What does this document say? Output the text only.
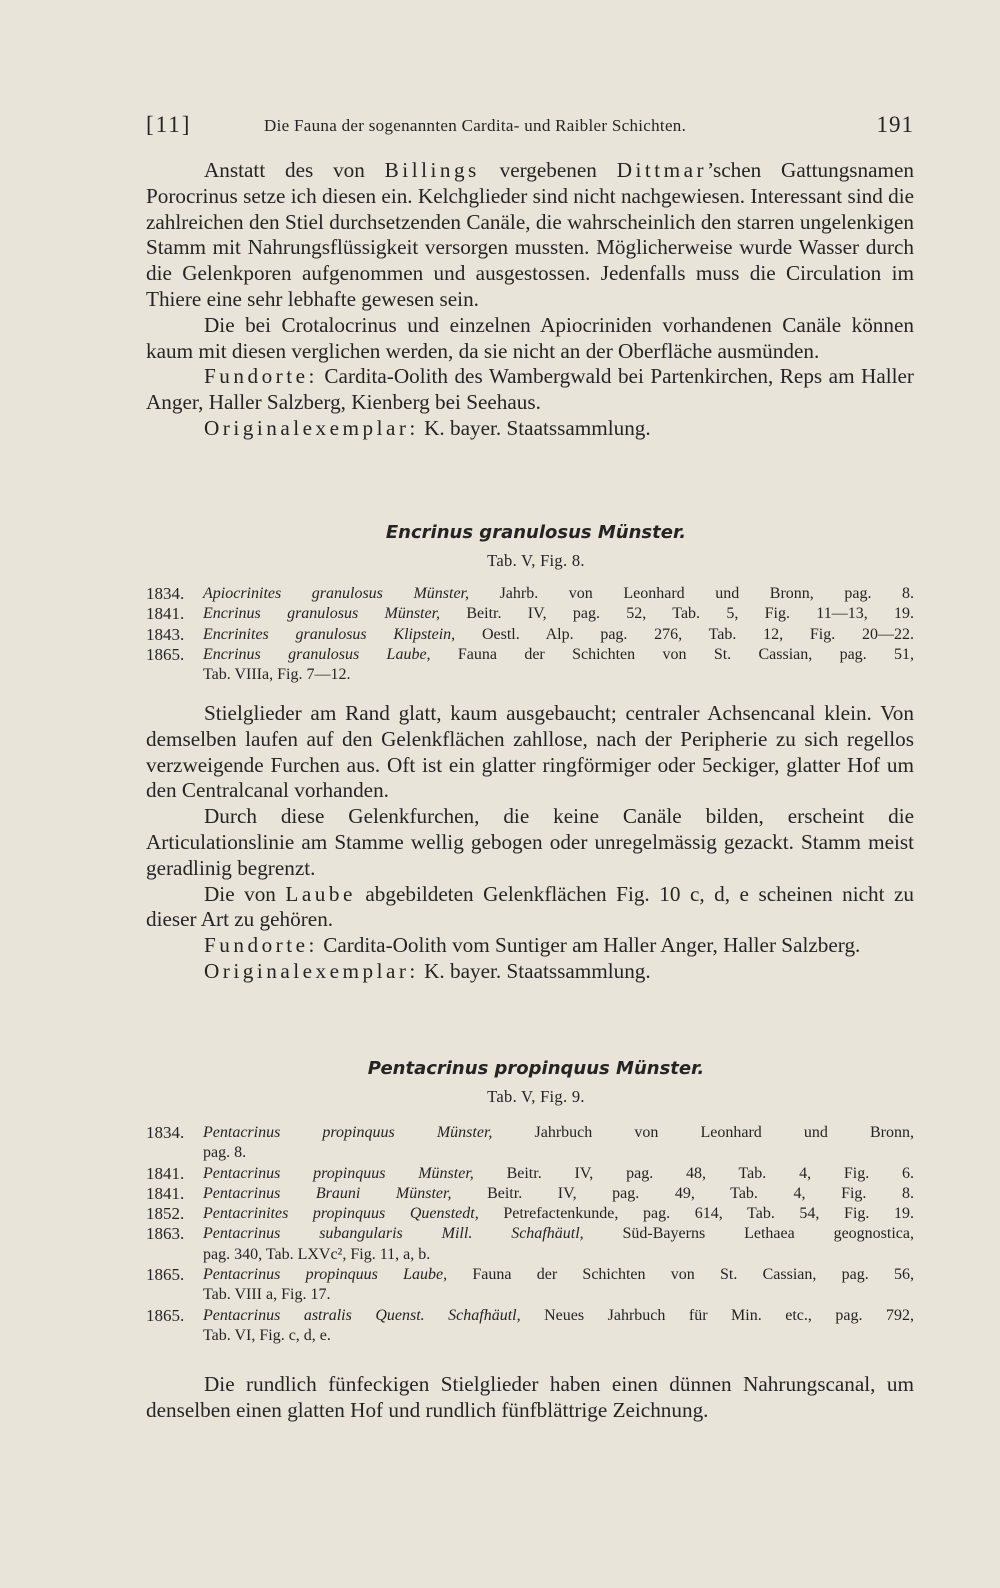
[11]	Die Fauna der sogenannten Cardita- und Raibler Schichten.	191

Anstatt des von Billings vergebenen Dittmar’schen Gattungsnamen Porocrinus setze ich diesen ein. Kelchglieder sind nicht nachgewiesen. Interessant sind die zahlreichen den Stiel durchsetzenden Canäle, die wahrscheinlich den starren ungelenkigen Stamm mit Nahrungsflüssigkeit versorgen mussten. Möglicherweise wurde Wasser durch die Gelenkporen aufgenommen und ausgestossen. Jedenfalls muss die Circulation im Thiere eine sehr lebhafte gewesen sein.

Die bei Crotalocrinus und einzelnen Apiocriniden vorhandenen Canäle können kaum mit diesen verglichen werden, da sie nicht an der Oberfläche ausmünden.

Fundorte: Cardita-Oolith des Wambergwald bei Partenkirchen, Reps am Haller Anger, Haller Salzberg, Kienberg bei Seehaus.

Originalexemplar: K. bayer. Staatssammlung.

Encrinus granulosus Münster.
Tab. V, Fig. 8.
1834.	Apiocrinites granulosus Münster, Jahrb. von Leonhard und Bronn, pag. 8.
1841.	Encrinus granulosus Münster, Beitr. IV, pag. 52, Tab. 5, Fig. 11—13, 19.
1843.	Encrinites granulosus Klipstein, Oestl. Alp. pag. 276, Tab. 12, Fig. 20—22.
1865.	Encrinus granulosus Laube, Fauna der Schichten von St. Cassian, pag. 51,
Tab. VIIIa, Fig. 7—12.

Stielglieder am Rand glatt, kaum ausgebaucht; centraler Achsencanal klein. Von demselben laufen auf den Gelenkflächen zahllose, nach der Peripherie zu sich regellos verzweigende Furchen aus. Oft ist ein glatter ringförmiger oder 5eckiger, glatter Hof um den Centralcanal vorhanden.

Durch diese Gelenkfurchen, die keine Canäle bilden, erscheint die Articulationslinie am Stamme wellig gebogen oder unregelmässig gezackt. Stamm meist geradlinig begrenzt.

Die von Laube abgebildeten Gelenkflächen Fig. 10 c, d, e scheinen nicht zu dieser Art zu gehören.

Fundorte: Cardita-Oolith vom Suntiger am Haller Anger, Haller Salzberg.

Originalexemplar: K. bayer. Staatssammlung.

Pentacrinus propinquus Münster.
Tab. V, Fig. 9.
1834.	Pentacrinus propinquus Münster, Jahrbuch von Leonhard und Bronn,
pag. 8.
1841.	Pentacrinus propinquus Münster, Beitr. IV, pag. 48, Tab. 4, Fig. 6.
1841.	Pentacrinus Brauni Münster, Beitr. IV, pag. 49, Tab. 4, Fig. 8.
1852.	Pentacrinites propinquus Quenstedt, Petrefactenkunde, pag. 614, Tab. 54, Fig. 19.
1863.	Pentacrinus subangularis Mill. Schafhäutl, Süd-Bayerns Lethaea geognostica,
pag. 340, Tab. LXVc², Fig. 11, a, b.
1865.	Pentacrinus propinquus Laube, Fauna der Schichten von St. Cassian, pag. 56,
Tab. VIII a, Fig. 17.
1865.	Pentacrinus astralis Quenst. Schafhäutl, Neues Jahrbuch für Min. etc., pag. 792,
Tab. VI, Fig. c, d, e.

Die rundlich fünfeckigen Stielglieder haben einen dünnen Nahrungscanal, um denselben einen glatten Hof und rundlich fünfblättrige Zeichnung.
